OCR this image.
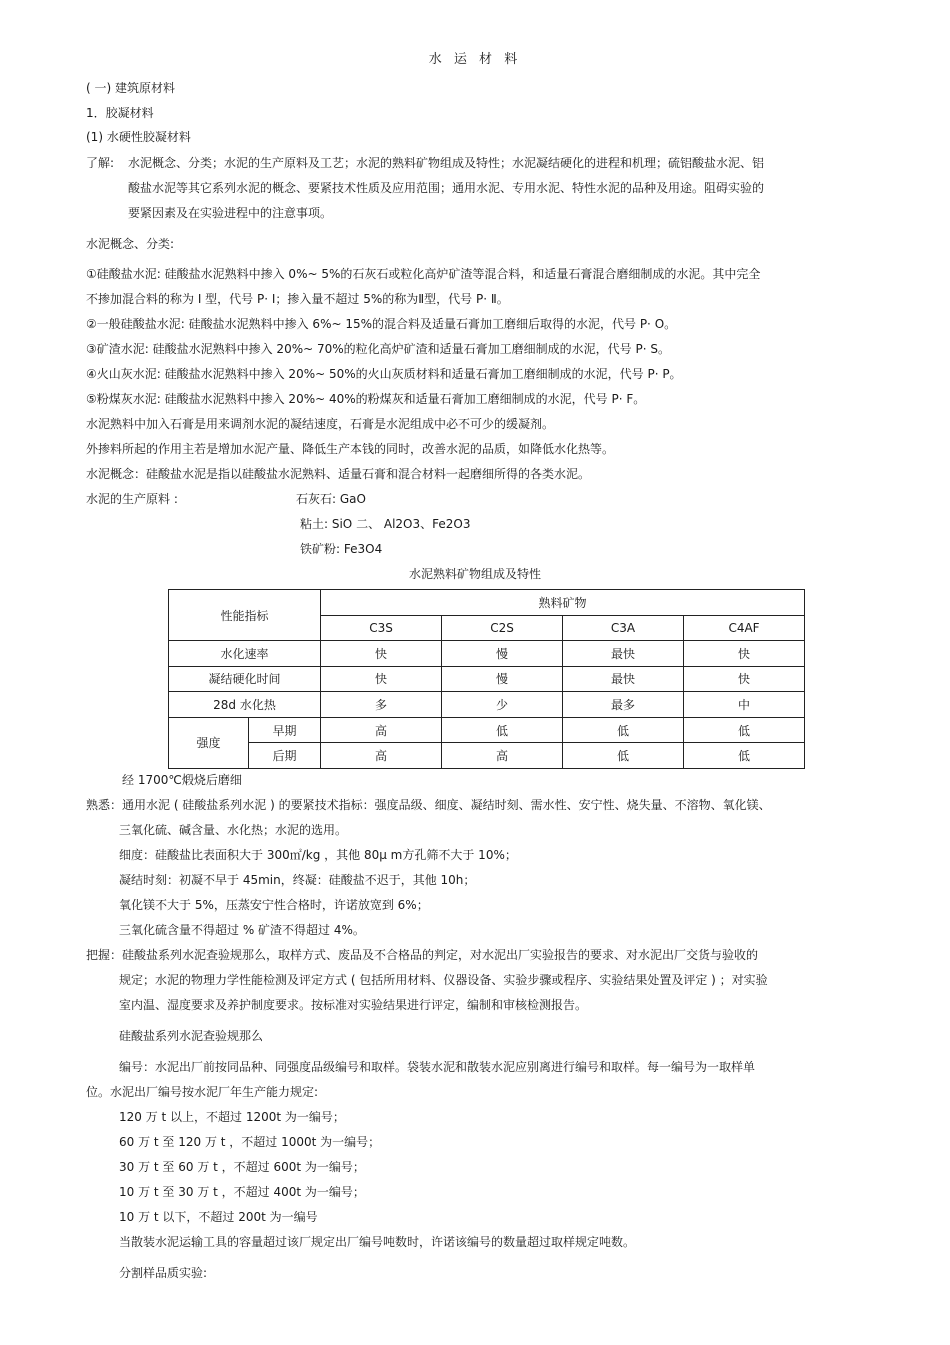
水 运 材 料
( 一) 建筑原材料
1．胶凝材料
(1) 水硬性胶凝材料
了解: 水泥概念、分类；水泥的生产原料及工艺；水泥的熟料矿物组成及特性；水泥凝结硬化的进程和机理；硫铝酸盐水泥、铝
酸盐水泥等其它系列水泥的概念、要紧技术性质及应用范围；通用水泥、专用水泥、特性水泥的品种及用途。阻碍实验的
要紧因素及在实验进程中的注意事项。
水泥概念、分类:
①硅酸盐水泥: 硅酸盐水泥熟料中掺入 0%~ 5%的石灰石或粒化高炉矿渣等混合料，和适量石膏混合磨细制成的水泥。其中完全
不掺加混合料的称为 Ⅰ 型，代号 P· Ⅰ；掺入量不超过 5%的称为Ⅱ型，代号 P· Ⅱ。
②一般硅酸盐水泥: 硅酸盐水泥熟料中掺入 6%~ 15%的混合料及适量石膏加工磨细后取得的水泥，代号 P· O。
③矿渣水泥: 硅酸盐水泥熟料中掺入 20%~ 70%的粒化高炉矿渣和适量石膏加工磨细制成的水泥，代号 P· S。
④火山灰水泥: 硅酸盐水泥熟料中掺入 20%~ 50%的火山灰质材料和适量石膏加工磨细制成的水泥，代号 P· P。
⑤粉煤灰水泥: 硅酸盐水泥熟料中掺入 20%~ 40%的粉煤灰和适量石膏加工磨细制成的水泥，代号 P· F。
水泥熟料中加入石膏是用来调剂水泥的凝结速度，石膏是水泥组成中必不可少的缓凝剂。
外掺料所起的作用主若是增加水泥产量、降低生产本钱的同时，改善水泥的品质，如降低水化热等。
水泥概念：硅酸盐水泥是指以硅酸盐水泥熟料、适量石膏和混合材料一起磨细所得的各类水泥。
水泥的生产原料 :	石灰石: GaO
粘土: SiO 二、 Al2O3、Fe2O3
铁矿粉: Fe3O4
水泥熟料矿物组成及特性
性能指标		熟料矿物			
		C3S	C2S	C3A	C4AF
水化速率		快	慢	最快	快
凝结硬化时间		快	慢	最快	快
28d 水化热		多	少	最多	中
强度	早期	高	低	低	低
	后期	高	高	低	低
经 1700℃煅烧后磨细
熟悉：通用水泥 ( 硅酸盐系列水泥 ) 的要紧技术指标：强度品级、细度、凝结时刻、需水性、安宁性、烧失量、不溶物、氧化镁、
三氧化硫、碱含量、水化热；水泥的选用。
细度：硅酸盐比表面积大于 300㎡/kg ，其他 80μ m方孔筛不大于 10%；
凝结时刻：初凝不早于 45min，终凝：硅酸盐不迟于，其他 10h；
氧化镁不大于 5%，压蒸安宁性合格时，许诺放宽到 6%；
三氧化硫含量不得超过 % 矿渣不得超过 4%。
把握：硅酸盐系列水泥查验规那么，取样方式、废品及不合格品的判定，对水泥出厂实验报告的要求、对水泥出厂交货与验收的
规定；水泥的物理力学性能检测及评定方式 ( 包括所用材料、仪器设备、实验步骤或程序、实验结果处置及评定 ) ；对实验
室内温、湿度要求及养护制度要求。按标准对实验结果进行评定，编制和审核检测报告。
硅酸盐系列水泥查验规那么
编号：水泥出厂前按同品种、同强度品级编号和取样。袋装水泥和散装水泥应别离进行编号和取样。每一编号为一取样单
位。水泥出厂编号按水泥厂年生产能力规定:
120 万 t 以上，不超过 1200t 为一编号；
60 万 t 至 120 万 t ，不超过 1000t 为一编号；
30 万 t 至 60 万 t ，不超过 600t 为一编号；
10 万 t 至 30 万 t ，不超过 400t 为一编号；
10 万 t 以下，不超过 200t 为一编号
当散装水泥运输工具的容量超过该厂规定出厂编号吨数时，许诺该编号的数量超过取样规定吨数。
分割样品质实验:
